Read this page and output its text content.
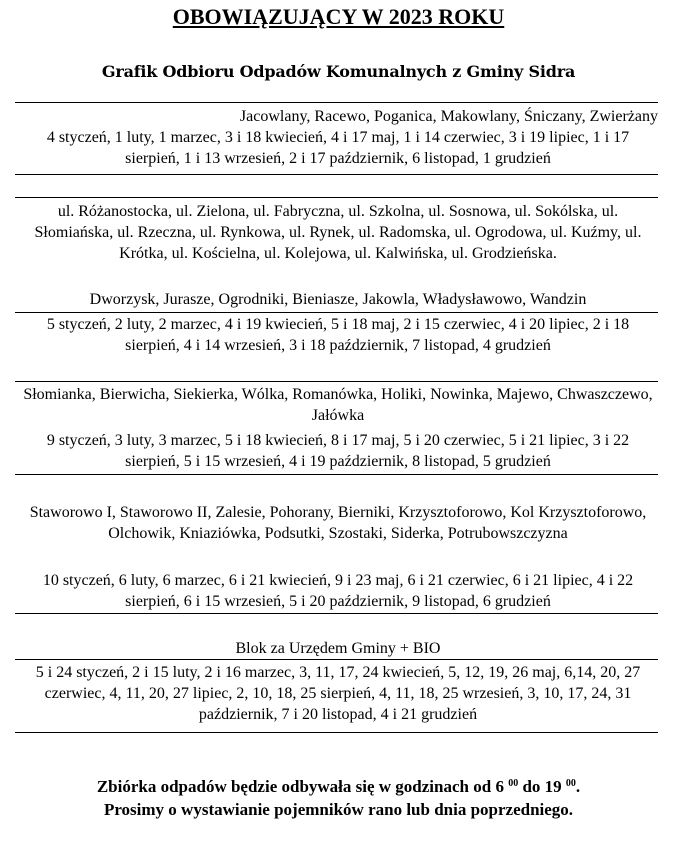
OBOWIĄZUJĄCY W 2023 ROKU
Grafik Odbioru Odpadów Komunalnych z Gminy Sidra
Jacowlany, Racewo, Poganica, Makowlany, Śniczany, Zwierżany
4 styczeń, 1 luty, 1 marzec, 3 i 18 kwiecień, 4 i 17 maj, 1 i 14 czerwiec, 3 i 19 lipiec, 1 i 17 sierpień, 1 i 13 wrzesień, 2 i 17 październik, 6 listopad, 1 grudzień
ul. Różanostocka, ul. Zielona, ul. Fabryczna, ul. Szkolna, ul. Sosnowa, ul. Sokólska, ul. Słomiańska, ul. Rzeczna, ul. Rynkowa, ul. Rynek, ul. Radomska, ul. Ogrodowa, ul. Kuźmy, ul. Krótka, ul. Kościelna, ul. Kolejowa, ul. Kalwińska, ul. Grodzieńska.
Dworzysk, Jurasze, Ogrodniki, Bieniasze, Jakowla, Władysławowo, Wandzin
5 styczeń, 2 luty, 2 marzec, 4 i 19 kwiecień, 5 i 18 maj, 2 i 15 czerwiec, 4 i 20 lipiec, 2 i 18 sierpień, 4 i 14 wrzesień, 3 i 18 październik, 7 listopad, 4 grudzień
Słomianka, Bierwicha, Siekierka, Wólka, Romanówka, Holiki, Nowinka, Majewo, Chwaszczewo, Jałówka
9 styczeń, 3 luty, 3 marzec, 5 i 18 kwiecień, 8 i 17 maj, 5 i 20 czerwiec, 5 i 21 lipiec, 3 i 22 sierpień, 5 i 15 wrzesień, 4 i 19 październik, 8 listopad, 5 grudzień
Staworowo I, Staworowo II, Zalesie, Pohorany, Bierniki, Krzysztoforowo, Kol Krzysztoforowo, Olchowik, Kniaziówka, Podsutki, Szostaki, Siderka, Potrubowszczyzna
10 styczeń, 6 luty, 6 marzec, 6 i 21 kwiecień, 9 i 23 maj, 6 i 21 czerwiec, 6 i 21 lipiec, 4 i 22 sierpień, 6 i 15 wrzesień, 5 i 20 październik, 9 listopad, 6 grudzień
Blok za Urzędem Gminy + BIO
5 i 24 styczeń, 2 i 15 luty, 2 i 16 marzec, 3, 11, 17, 24 kwiecień, 5, 12, 19, 26 maj, 6,14, 20, 27 czerwiec, 4, 11, 20, 27 lipiec, 2, 10, 18, 25 sierpień, 4, 11, 18, 25 wrzesień, 3, 10, 17, 24, 31 październik, 7 i 20 listopad, 4 i 21 grudzień
Zbiórka odpadów będzie odbywała się w godzinach od 6 $^{00}$ do 19 $^{00}$.
Prosimy o wystawianie pojemników rano lub dnia poprzedniego.
